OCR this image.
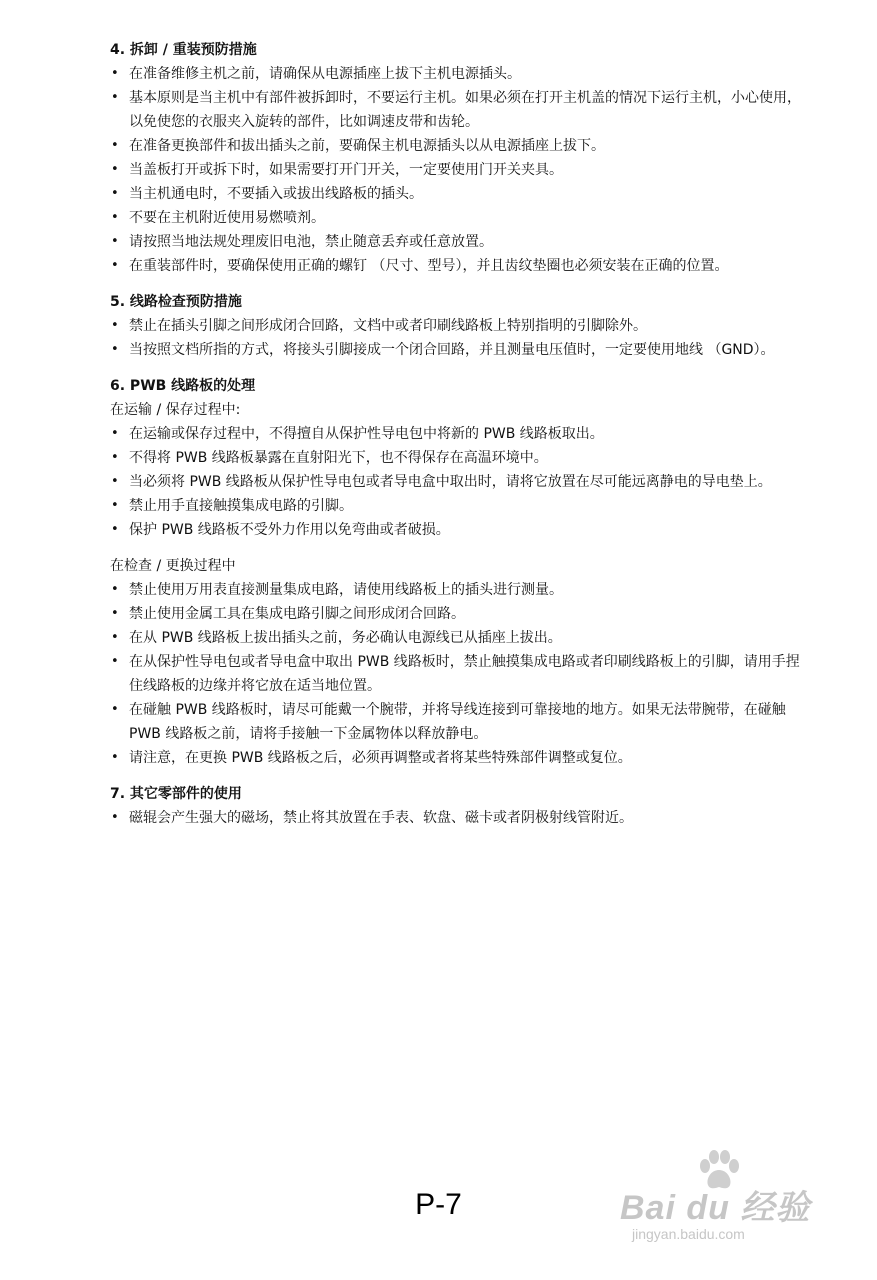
4. 拆卸 / 重装预防措施
• 在准备维修主机之前，请确保从电源插座上拔下主机电源插头。
• 基本原则是当主机中有部件被拆卸时，不要运行主机。如果必须在打开主机盖的情况下运行主机，小心使用，以免使您的衣服夹入旋转的部件，比如调速皮带和齿轮。
• 在准备更换部件和拔出插头之前，要确保主机电源插头以从电源插座上拔下。
• 当盖板打开或拆下时，如果需要打开门开关，一定要使用门开关夹具。
• 当主机通电时，不要插入或拔出线路板的插头。
• 不要在主机附近使用易燃喷剂。
• 请按照当地法规处理废旧电池，禁止随意丢弃或任意放置。
• 在重装部件时，要确保使用正确的螺钉 （尺寸、型号），并且齿纹垫圈也必须安装在正确的位置。
5. 线路检查预防措施
• 禁止在插头引脚之间形成闭合回路，文档中或者印刷线路板上特别指明的引脚除外。
• 当按照文档所指的方式，将接头引脚接成一个闭合回路，并且测量电压值时，一定要使用地线 （GND）。
6. PWB 线路板的处理
在运输 / 保存过程中:
• 在运输或保存过程中，不得擅自从保护性导电包中将新的 PWB 线路板取出。
• 不得将 PWB 线路板暴露在直射阳光下，也不得保存在高温环境中。
• 当必须将 PWB 线路板从保护性导电包或者导电盒中取出时，请将它放置在尽可能远离静电的导电垫上。
• 禁止用手直接触摸集成电路的引脚。
• 保护 PWB 线路板不受外力作用以免弯曲或者破损。
在检查 / 更换过程中
• 禁止使用万用表直接测量集成电路，请使用线路板上的插头进行测量。
• 禁止使用金属工具在集成电路引脚之间形成闭合回路。
• 在从 PWB 线路板上拔出插头之前，务必确认电源线已从插座上拔出。
• 在从保护性导电包或者导电盒中取出 PWB 线路板时，禁止触摸集成电路或者印刷线路板上的引脚，请用手捏住线路板的边缘并将它放在适当地位置。
• 在碰触 PWB 线路板时，请尽可能戴一个腕带，并将导线连接到可靠接地的地方。如果无法带腕带，在碰触 PWB 线路板之前，请将手接触一下金属物体以释放静电。
• 请注意，在更换 PWB 线路板之后，必须再调整或者将某些特殊部件调整或复位。
7. 其它零部件的使用
• 磁辊会产生强大的磁场，禁止将其放置在手表、软盘、磁卡或者阴极射线管附近。
P-7	Bai du 经验
jingyan.baidu.com
